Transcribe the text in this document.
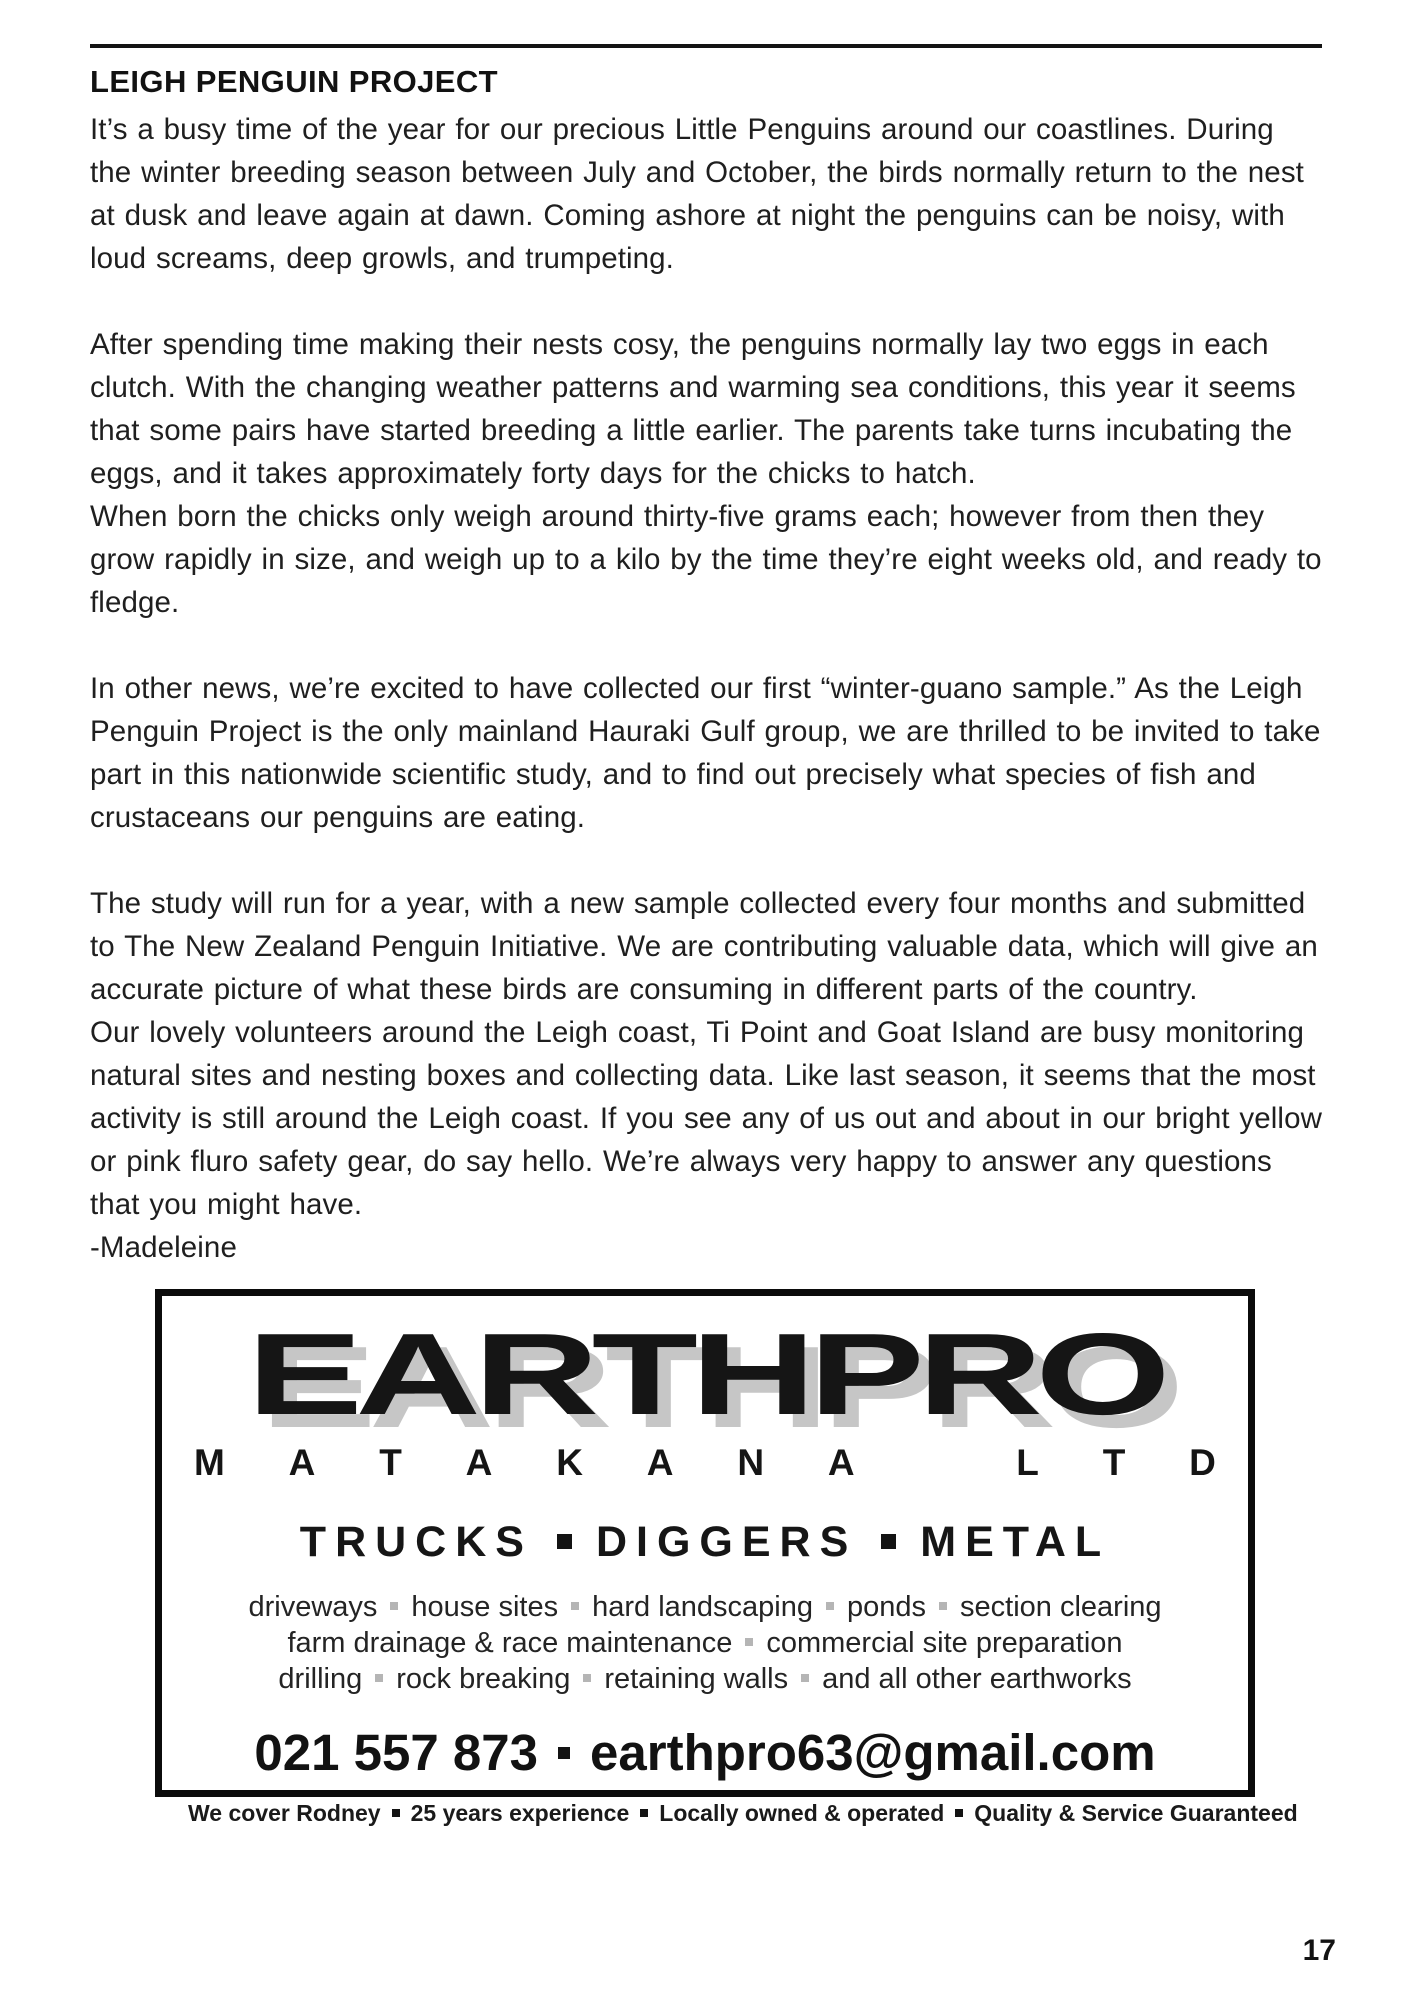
LEIGH PENGUIN PROJECT

It’s a busy time of the year for our precious Little Penguins around our coastlines. During the winter breeding season between July and October, the birds normally return to the nest at dusk and leave again at dawn. Coming ashore at night the penguins can be noisy, with loud screams, deep growls, and trumpeting.

After spending time making their nests cosy, the penguins normally lay two eggs in each clutch. With the changing weather patterns and warming sea conditions, this year it seems that some pairs have started breeding a little earlier. The parents take turns incubating the eggs, and it takes approximately forty days for the chicks to hatch.

When born the chicks only weigh around thirty-five grams each; however from then they grow rapidly in size, and weigh up to a kilo by the time they’re eight weeks old, and ready to fledge.

In other news, we’re excited to have collected our first “winter-guano sample.” As the Leigh Penguin Project is the only mainland Hauraki Gulf group, we are thrilled to be invited to take part in this nationwide scientific study, and to find out precisely what species of fish and crustaceans our penguins are eating.

The study will run for a year, with a new sample collected every four months and submitted to The New Zealand Penguin Initiative. We are contributing valuable data, which will give an accurate picture of what these birds are consuming in different parts of the country.

Our lovely volunteers around the Leigh coast, Ti Point and Goat Island are busy monitoring natural sites and nesting boxes and collecting data. Like last season, it seems that the most activity is still around the Leigh coast. If you see any of us out and about in our bright yellow or pink fluro safety gear, do say hello. We’re always very happy to answer any questions that you might have.

-Madeleine

EARTHPRO
M A T A K A N A	L T D
TRUCKS DIGGERS METAL
driveways house sites hard landscaping ponds section clearing
farm drainage & race maintenance commercial site preparation
drilling rock breaking retaining walls and all other earthworks
021 557 873 earthpro63@gmail.com
We cover Rodney 25 years experience Locally owned & operated Quality & Service Guaranteed
17
